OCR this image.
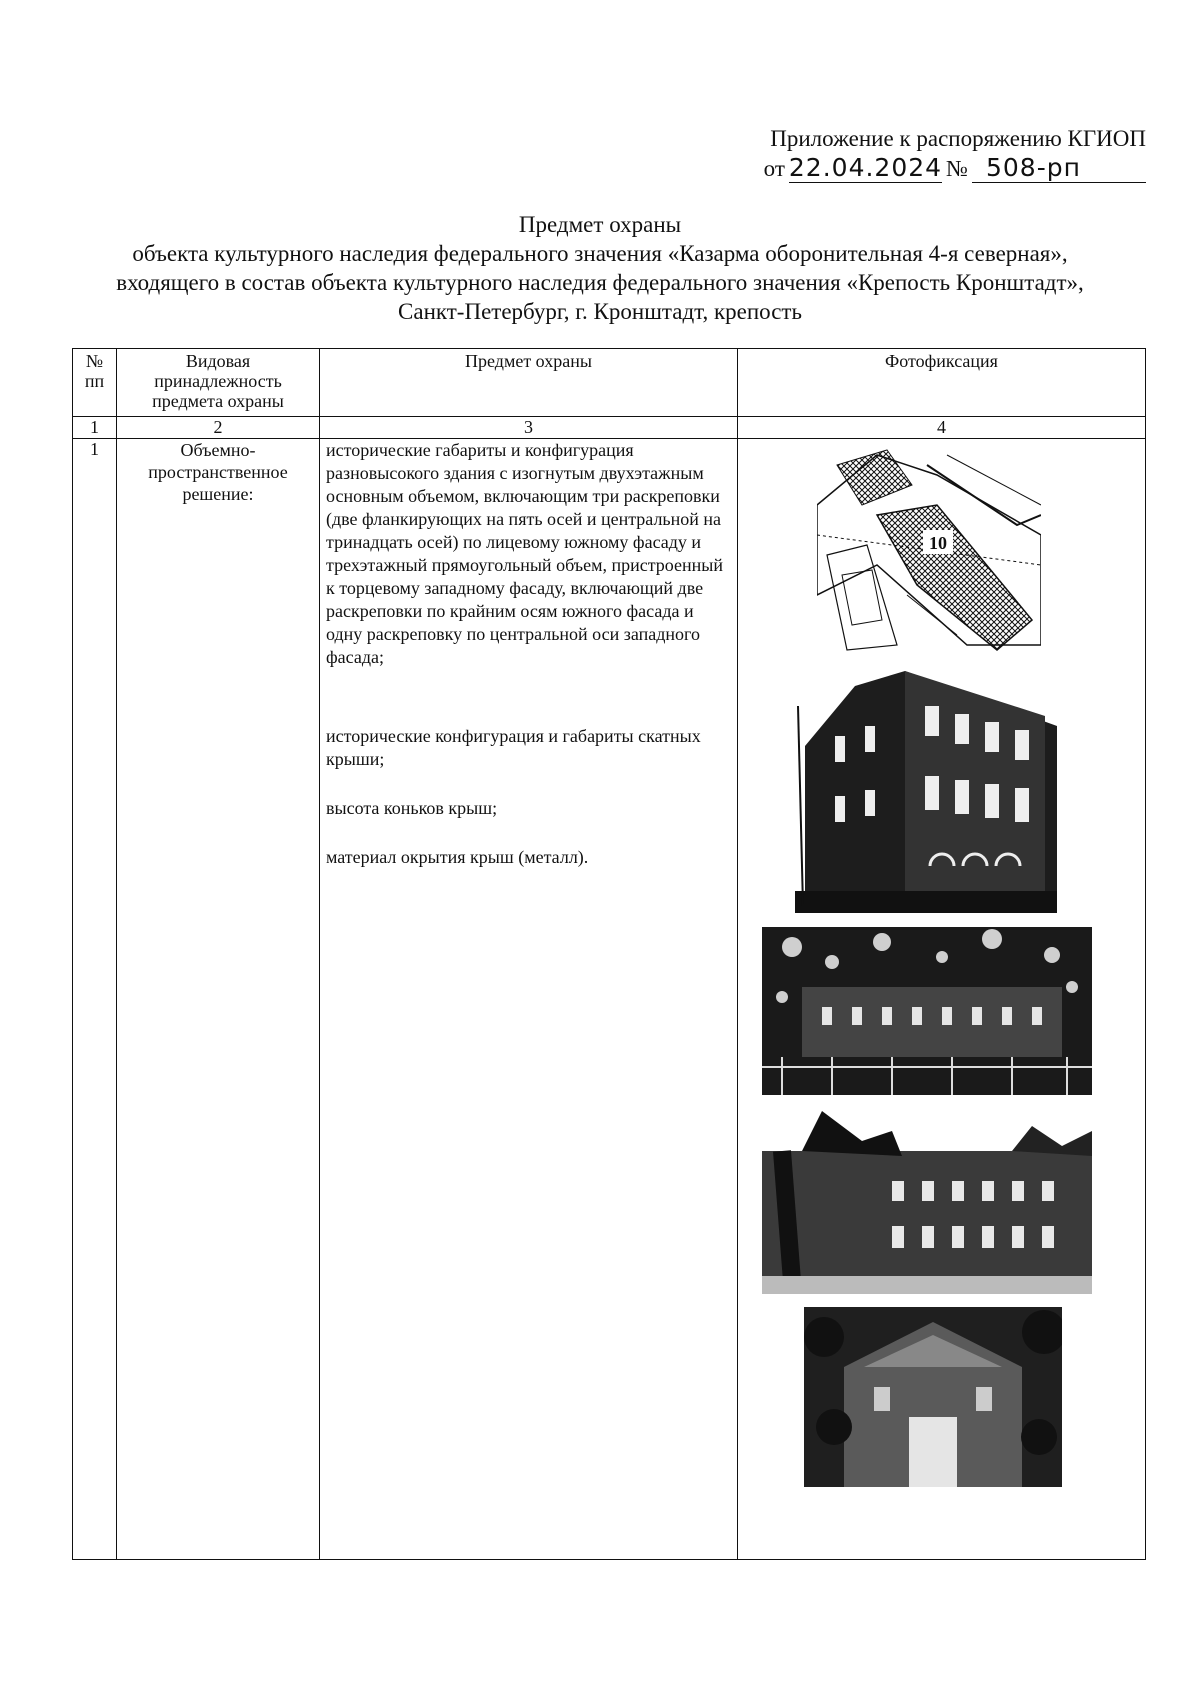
Приложение к распоряжению КГИОП
от 22.04.2024 № 508-рп
Предмет охраны
объекта культурного наследия федерального значения «Казарма оборонительная 4-я северная»,
входящего в состав объекта культурного наследия федерального значения «Крепость Кронштадт»,
Санкт-Петербург, г. Кронштадт, крепость
№ пп	Видовая принадлежность предмета охраны	Предмет охраны	Фотофиксация
1	2	3	4
1	Объемно-пространственное решение:	исторические габариты и конфигурация разновысокого здания с изогнутым двухэтажным основным объемом, включающим три раскреповки (две фланкирующих на пять осей и центральной на тринадцать осей) по лицевому южному фасаду и трехэтажный прямоугольный объем, пристроенный к торцевому западному фасаду, включающий две раскреповки по крайним осям южного фасада и одну раскреповку по центральной оси западного фасада;

исторические конфигурация и габариты скатных крыши;

высота коньков крыш;

материал окрытия крыш (металл).	10
